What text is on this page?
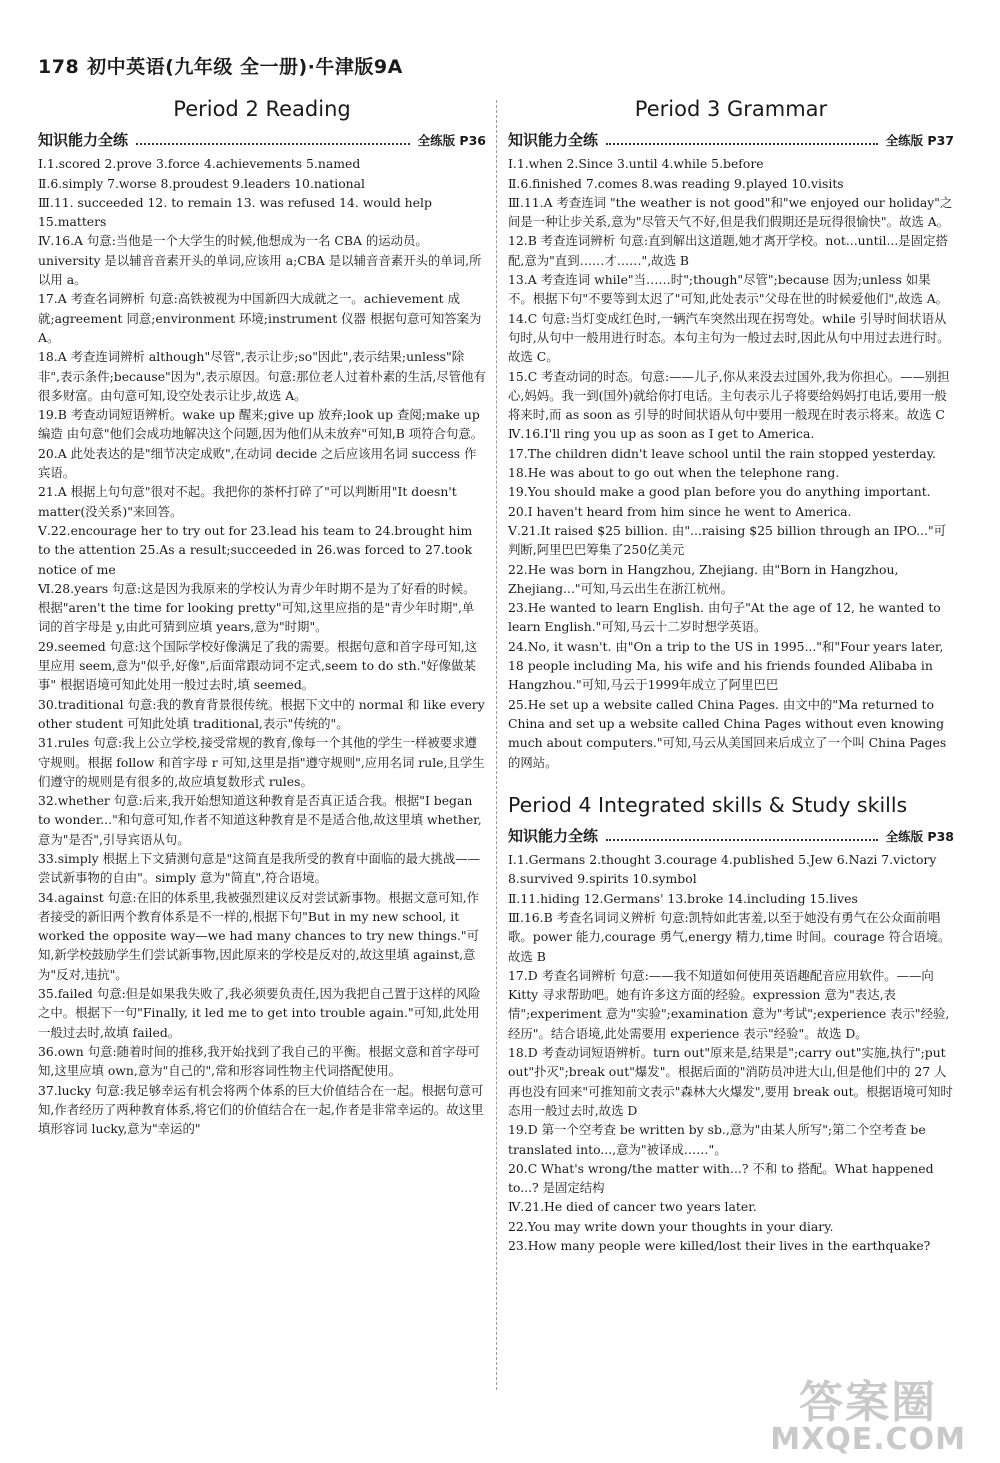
178 初中英语(九年级 全一册)·牛津版9A
Period 2 Reading
知识能力全练	全练版 P36

Ⅰ.1.scored 2.prove 3.force 4.achievements 5.named

Ⅱ.6.simply 7.worse 8.proudest 9.leaders 10.national

Ⅲ.11. succeeded 12. to remain 13. was refused 14. would help

15.matters

Ⅳ.16.A 句意:当他是一个大学生的时候,他想成为一名 CBA 的运动员。university 是以辅音音素开头的单词,应该用 a;CBA 是以辅音音素开头的单词,所以用 a。

17.A 考查名词辨析 句意:高铁被视为中国新四大成就之一。achievement 成就;agreement 同意;environment 环境;instrument 仪器 根据句意可知答案为 A。

18.A 考查连词辨析 although"尽管",表示让步;so"因此",表示结果;unless"除非",表示条件;because"因为",表示原因。句意:那位老人过着朴素的生活,尽管他有很多财富。由句意可知,设空处表示让步,故选 A。

19.B 考查动词短语辨析。wake up 醒来;give up 放弃;look up 查阅;make up 编造 由句意"他们会成功地解决这个问题,因为他们从未放弃"可知,B 项符合句意。

20.A 此处表达的是"细节决定成败",在动词 decide 之后应该用名词 success 作宾语。

21.A 根据上句句意"很对不起。我把你的茶杯打碎了"可以判断用"It doesn't matter(没关系)"来回答。

Ⅴ.22.encourage her to try out for 23.lead his team to 24.brought him to the attention 25.As a result;succeeded in 26.was forced to 27.took notice of me

Ⅵ.28.years 句意:这是因为我原来的学校认为青少年时期不是为了好看的时候。根据"aren't the time for looking pretty"可知,这里应指的是"青少年时期",单词的首字母是 y,由此可猜到应填 years,意为"时期"。

29.seemed 句意:这个国际学校好像满足了我的需要。根据句意和首字母可知,这里应用 seem,意为"似乎,好像",后面常跟动词不定式,seem to do sth."好像做某事" 根据语境可知此处用一般过去时,填 seemed。

30.traditional 句意:我的教育背景很传统。根据下文中的 normal 和 like every other student 可知此处填 traditional,表示"传统的"。

31.rules 句意:我上公立学校,接受常规的教育,像每一个其他的学生一样被要求遵守规则。根据 follow 和首字母 r 可知,这里是指"遵守规则",应用名词 rule,且学生们遵守的规则是有很多的,故应填复数形式 rules。

32.whether 句意:后来,我开始想知道这种教育是否真正适合我。根据"I began to wonder..."和句意可知,作者不知道这种教育是不是适合他,故这里填 whether,意为"是否",引导宾语从句。

33.simply 根据上下文猜测句意是"这简直是我所受的教育中面临的最大挑战——尝试新事物的自由"。simply 意为"简直",符合语境。

34.against 句意:在旧的体系里,我被强烈建议反对尝试新事物。根据文意可知,作者接受的新旧两个教育体系是不一样的,根据下句"But in my new school, it worked the opposite way—we had many chances to try new things."可知,新学校鼓励学生们尝试新事物,因此原来的学校是反对的,故这里填 against,意为"反对,违抗"。

35.failed 句意:但是如果我失败了,我必须要负责任,因为我把自己置于这样的风险之中。根据下一句"Finally, it led me to get into trouble again."可知,此处用一般过去时,故填 failed。

36.own 句意:随着时间的推移,我开始找到了我自己的平衡。根据文意和首字母可知,这里应填 own,意为"自己的",常和形容词性物主代词搭配使用。

37.lucky 句意:我足够幸运有机会将两个体系的巨大价值结合在一起。根据句意可知,作者经历了两种教育体系,将它们的价值结合在一起,作者是非常幸运的。故这里填形容词 lucky,意为"幸运的"

Period 3 Grammar
知识能力全练	全练版 P37

Ⅰ.1.when 2.Since 3.until 4.while 5.before

Ⅱ.6.finished 7.comes 8.was reading 9.played 10.visits

Ⅲ.11.A 考查连词 "the weather is not good"和"we enjoyed our holiday"之间是一种让步关系,意为"尽管天气不好,但是我们假期还是玩得很愉快"。故选 A。

12.B 考查连词辨析 句意:直到解出这道题,她才离开学校。not...until...是固定搭配,意为"直到……才……",故选 B

13.A 考查连词 while"当……时";though"尽管";because 因为;unless 如果不。根据下句"不要等到太迟了"可知,此处表示"父母在世的时候爱他们",故选 A。

14.C 句意:当灯变成红色时,一辆汽车突然出现在拐弯处。while 引导时间状语从句时,从句中一般用进行时态。本句主句为一般过去时,因此从句中用过去进行时。故选 C。

15.C 考查动词的时态。句意:——儿子,你从来没去过国外,我为你担心。——别担心,妈妈。我一到(国外)就给你打电话。主句表示儿子将要给妈妈打电话,要用一般将来时,而 as soon as 引导的时间状语从句中要用一般现在时表示将来。故选 C

Ⅳ.16.I'll ring you up as soon as I get to America.

17.The children didn't leave school until the rain stopped yesterday.

18.He was about to go out when the telephone rang.

19.You should make a good plan before you do anything important.

20.I haven't heard from him since he went to America.

Ⅴ.21.It raised $25 billion. 由"...raising $25 billion through an IPO..."可判断,阿里巴巴筹集了250亿美元

22.He was born in Hangzhou, Zhejiang. 由"Born in Hangzhou, Zhejiang..."可知,马云出生在浙江杭州。

23.He wanted to learn English. 由句子"At the age of 12, he wanted to learn English."可知,马云十二岁时想学英语。

24.No, it wasn't. 由"On a trip to the US in 1995..."和"Four years later, 18 people including Ma, his wife and his friends founded Alibaba in Hangzhou."可知,马云于1999年成立了阿里巴巴

25.He set up a website called China Pages. 由文中的"Ma returned to China and set up a website called China Pages without even knowing much about computers."可知,马云从美国回来后成立了一个叫 China Pages 的网站。

Period 4 Integrated skills & Study skills
知识能力全练	全练版 P38

Ⅰ.1.Germans 2.thought 3.courage 4.published 5.Jew 6.Nazi 7.victory 8.survived 9.spirits 10.symbol

Ⅱ.11.hiding 12.Germans' 13.broke 14.including 15.lives

Ⅲ.16.B 考查名词词义辨析 句意:凯特如此害羞,以至于她没有勇气在公众面前唱歌。power 能力,courage 勇气,energy 精力,time 时间。courage 符合语境。故选 B

17.D 考查名词辨析 句意:——我不知道如何使用英语趣配音应用软件。——向 Kitty 寻求帮助吧。她有许多这方面的经验。expression 意为"表达,表情";experiment 意为"实验";examination 意为"考试";experience 表示"经验,经历"。结合语境,此处需要用 experience 表示"经验"。故选 D。

18.D 考查动词短语辨析。turn out"原来是,结果是";carry out"实施,执行";put out"扑灭";break out"爆发"。根据后面的"消防员冲进大山,但是他们中的 27 人再也没有回来"可推知前文表示"森林大火爆发",要用 break out。根据语境可知时态用一般过去时,故选 D

19.D 第一个空考查 be written by sb.,意为"由某人所写";第二个空考查 be translated into...,意为"被译成……"。

20.C What's wrong/the matter with...? 不和 to 搭配。What happened to...? 是固定结构

Ⅳ.21.He died of cancer two years later.

22.You may write down your thoughts in your diary.

23.How many people were killed/lost their lives in the earthquake?

答案圈
MXQE.COM
